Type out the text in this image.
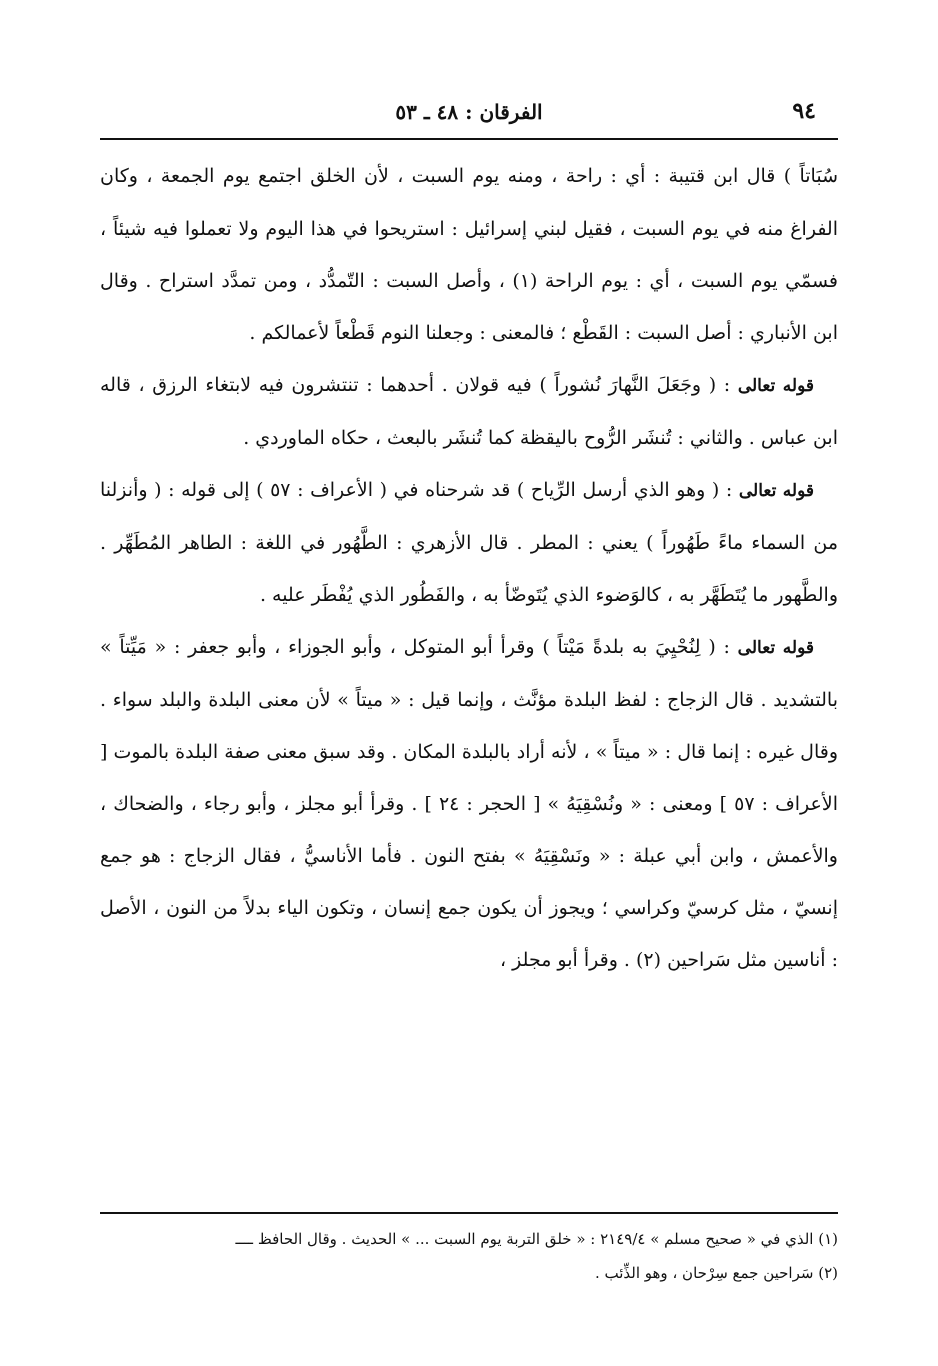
٩٤
الفرقان : ٤٨ ـ ٥٣

سُبَاتاً ) قال ابن قتيبة : أي : راحة ، ومنه يوم السبت ، لأن الخلق اجتمع يوم الجمعة ، وكان الفراغ منه في يوم السبت ، فقيل لبني إسرائيل : استريحوا في هذا اليوم ولا تعملوا فيه شيئاً ، فسمّي يوم السبت ، أي : يوم الراحة (١) ، وأصل السبت : التّمدُّد ، ومن تمدَّد استراح . وقال ابن الأنباري : أصل السبت : القَطْع ؛ فالمعنى : وجعلنا النوم قَطْعاً لأعمالكم .

قوله تعالى : ( وجَعَلَ النَّهارَ نُشوراً ) فيه قولان . أحدهما : تنتشرون فيه لابتغاء الرزق ، قاله ابن عباس . والثاني : تُنشَر الرُّوح باليقظة كما تُنشَر بالبعث ، حكاه الماوردي .

قوله تعالى : ( وهو الذي أرسل الرِّياح ) قد شرحناه في ( الأعراف : ٥٧ ) إلى قوله : ( وأنزلنا من السماء ماءً طَهُوراً ) يعني : المطر . قال الأزهري : الطَّهُور في اللغة : الطاهر المُطَهِّر . والطَّهور ما يُتَطَهَّر به ، كالوَضوء الذي يُتَوضّأ به ، والفَطُور الذي يُفْطَر عليه .

قوله تعالى : ( لِنُحْيِيَ به بلدةً مَيْتاً ) وقرأ أبو المتوكل ، وأبو الجوزاء ، وأبو جعفر : « مَيِّتاً » بالتشديد . قال الزجاج : لفظ البلدة مؤنَّث ، وإنما قيل : « ميتاً » لأن معنى البلدة والبلد سواء . وقال غيره : إنما قال : « ميتاً » ، لأنه أراد بالبلدة المكان . وقد سبق معنى صفة البلدة بالموت [ الأعراف : ٥٧ ] ومعنى : « ونُسْقِيَهُ » [ الحجر : ٢٤ ] . وقرأ أبو مجلز ، وأبو رجاء ، والضحاك ، والأعمش ، وابن أبي عبلة : « ونَسْقِيَهُ » بفتح النون . فأما الأناسيُّ ، فقال الزجاج : هو جمع إنسيّ ، مثل كرسيّ وكراسي ؛ ويجوز أن يكون جمع إنسان ، وتكون الياء بدلاً من النون ، الأصل : أناسين مثل سَراحين (٢) . وقرأ أبو مجلز ،

(١) الذي في « صحيح مسلم » ٢١٤٩/٤ : « خلق التربة يوم السبت ... » الحديث . وقال الحافظ ــــ

(٢) سَراحين جمع سِرْحان ، وهو الذِّئب .
